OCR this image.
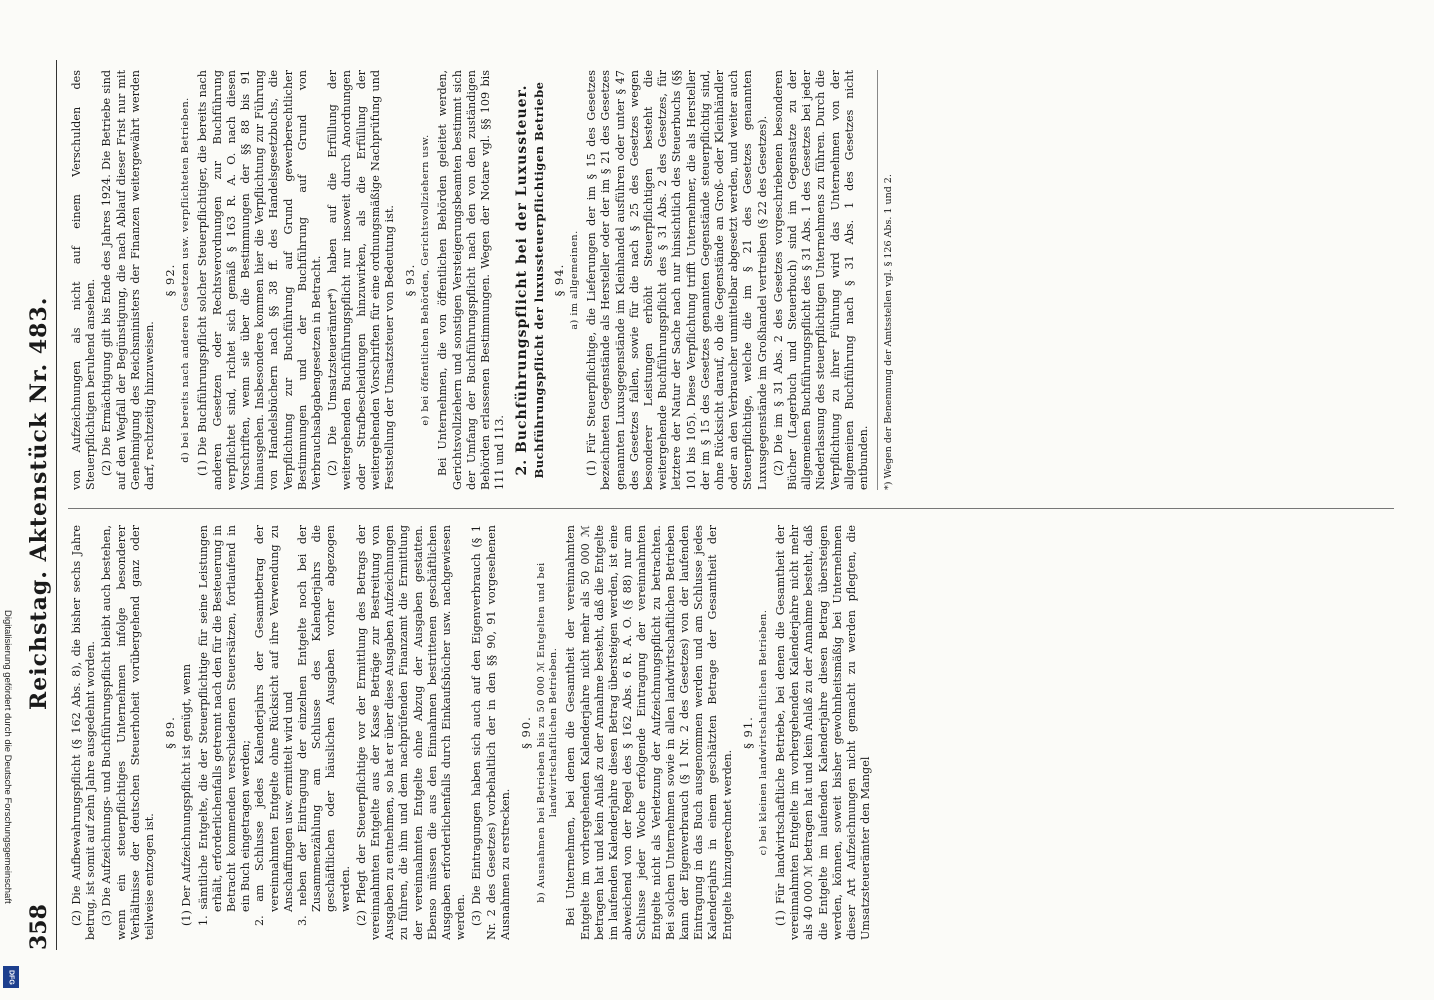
358
Reichstag. Aktenstück Nr. 483.

(2) Die Aufbewahrungspflicht (§ 162 Abs. 8), die bisher sechs Jahre betrug, ist somit auf zehn Jahre ausgedehnt worden. (3) Die Aufzeichnungs- und Buchführungspflicht bleibt auch bestehen, wenn ein steuerpflichtiges Unternehmen infolge besonderer Verhältnisse der deutschen Steuerhoheit vorübergehend ganz oder teilweise entzogen ist.

§ 89. (1) Der Aufzeichnungspflicht ist genügt, wenn 1. sämtliche Entgelte, die der Steuerpflichtige für seine Leistungen erhält, erforderlichenfalls getrennt nach den für die Besteuerung in Betracht kommenden verschiedenen Steuersätzen, fortlaufend in ein Buch eingetragen werden; 2. am Schlusse jedes Kalenderjahrs der Gesamtbetrag der vereinnahmten Entgelte ohne Rücksicht auf ihre Verwendung zu Anschaffungen usw. ermittelt wird und 3. neben der Eintragung der einzelnen Entgelte noch bei der Zusammenzählung am Schlusse des Kalenderjahrs die geschäftlichen oder häuslichen Ausgaben vorher abgezogen werden. (2) Pflegt der Steuerpflichtige vor der Ermittlung des Betrags der vereinnahmten Entgelte aus der Kasse Beträge zur Bestreitung von Ausgaben zu entnehmen, so hat er über diese Ausgaben Aufzeichnungen zu führen, die ihm und dem nachprüfenden Finanzamt die Ermittlung der vereinnahmten Entgelte ohne Abzug der Ausgaben gestatten. Ebenso müssen die aus den Einnahmen bestrittenen geschäftlichen Ausgaben erforderlichenfalls durch Einkaufsbücher usw. nachgewiesen werden. (3) Die Eintragungen haben sich auch auf den Eigenverbrauch (§ 1 Nr. 2 des Gesetzes) vorbehaltlich der in den §§ 90, 91 vorgesehenen Ausnahmen zu erstrecken.

§ 90. b) Ausnahmen bei Betrieben bis zu 50 000 ℳ Entgelten und bei landwirtschaftlichen Betrieben. Bei Unternehmen, bei denen die Gesamtheit der vereinnahmten Entgelte im vorhergehenden Kalenderjahre nicht mehr als 50 000 ℳ betragen hat und kein Anlaß zu der Annahme besteht, daß die Entgelte im laufenden Kalenderjahre diesen Betrag übersteigen werden, ist eine abweichend von der Regel des § 162 Abs. 6 R. A. O. (§ 88) nur am Schlusse jeder Woche erfolgende Eintragung der vereinnahmten Entgelte nicht als Verletzung der Aufzeichnungspflicht zu betrachten. Bei solchen Unternehmen sowie in allen landwirtschaftlichen Betrieben kann der Eigenverbrauch (§ 1 Nr. 2 des Gesetzes) von der laufenden Eintragung in das Buch ausgenommen werden und am Schlusse jedes Kalenderjahrs in einem geschätzten Betrage der Gesamtheit der Entgelte hinzugerechnet werden.

§ 91. c) bei kleinen landwirtschaftlichen Betrieben. (1) Für landwirtschaftliche Betriebe, bei denen die Gesamtheit der vereinnahmten Entgelte im vorhergehenden Kalenderjahre nicht mehr als 40 000 ℳ betragen hat und kein Anlaß zu der Annahme besteht, daß die Entgelte im laufenden Kalenderjahre diesen Betrag übersteigen werden, können, soweit bisher gewohnheitsmäßig bei Unternehmen dieser Art Aufzeichnungen nicht gemacht zu werden pflegten, die Umsatzsteuerämter den Mangel

von Aufzeichnungen als nicht auf einem Verschulden des Steuerpflichtigen beruhend ansehen. (2) Die Ermächtigung gilt bis Ende des Jahres 1924. Die Betriebe sind auf den Wegfall der Begünstigung, die nach Ablauf dieser Frist nur mit Genehmigung des Reichsministers der Finanzen weitergewährt werden darf, rechtzeitig hinzuweisen.

§ 92. d) bei bereits nach anderen Gesetzen usw. verpflichteten Betrieben. (1) Die Buchführungspflicht solcher Steuerpflichtiger, die bereits nach anderen Gesetzen oder Rechtsverordnungen zur Buchführung verpflichtet sind, richtet sich gemäß § 163 R. A. O. nach diesen Vorschriften, wenn sie über die Bestimmungen der §§ 88 bis 91 hinausgehen. Insbesondere kommen hier die Verpflichtung zur Führung von Handelsbüchern nach §§ 38 ff. des Handelsgesetzbuchs, die Verpflichtung zur Buchführung auf Grund gewerberechtlicher Bestimmungen und der Buchführung auf Grund von Verbrauchsabgabengesetzen in Betracht. (2) Die Umsatzsteuerämter*) haben auf die Erfüllung der weitergehenden Buchführungspflicht nur insoweit durch Anordnungen oder Strafbescheidungen hinzuwirken, als die Erfüllung der weitergehenden Vorschriften für eine ordnungsmäßige Nachprüfung und Feststellung der Umsatzsteuer von Bedeutung ist. § 93. e) bei öffentlichen Behörden, Gerichtsvollziehern usw. Bei Unternehmen, die von öffentlichen Behörden geleitet werden, Gerichtsvollziehern und sonstigen Versteigerungsbeamten bestimmt sich der Umfang der Buchführungspflicht nach den von den zuständigen Behörden erlassenen Bestimmungen. Wegen der Notare vgl. §§ 109 bis 111 und 113. 2. Buchführungspflicht bei der Luxussteuer. Buchführungspflicht der luxussteuerpflichtigen Betriebe § 94. a) im allgemeinen. (1) Für Steuerpflichtige, die Lieferungen der im § 15 des Gesetzes bezeichneten Gegenstände als Hersteller oder der im § 21 des Gesetzes genannten Luxusgegenstände im Kleinhandel ausführen oder unter § 47 des Gesetzes fallen, sowie für die nach § 25 des Gesetzes wegen besonderer Leistungen erhöht Steuerpflichtigen besteht die weitergehende Buchführungspflicht des § 31 Abs. 2 des Gesetzes, für letztere der Natur der Sache nach nur hinsichtlich des Steuerbuchs (§§ 101 bis 105). Diese Verpflichtung trifft Unternehmer, die als Hersteller der im § 15 des Gesetzes genannten Gegenstände steuerpflichtig sind, ohne Rücksicht darauf, ob die Gegenstände an Groß- oder Kleinhändler oder an den Verbraucher unmittelbar abgesetzt werden, und weiter auch Steuerpflichtige, welche die im § 21 des Gesetzes genannten Luxusgegenstände im Großhandel vertreiben (§ 22 des Gesetzes). (2) Die im § 31 Abs. 2 des Gesetzes vorgeschriebenen besonderen Bücher (Lagerbuch und Steuerbuch) sind im Gegensatze zu der allgemeinen Buchführungspflicht des § 31 Abs. 1 des Gesetzes bei jeder Niederlassung des steuerpflichtigen Unternehmens zu führen. Durch die Verpflichtung zu ihrer Führung wird das Unternehmen von der allgemeinen Buchführung nach § 31 Abs. 1 des Gesetzes nicht entbunden.	*) Wegen der Benennung der Amtsstellen vgl. § 126 Abs. 1 und 2.
Digitalisierung gefördert durch die Deutsche Forschungsgemeinschaft
DFG
